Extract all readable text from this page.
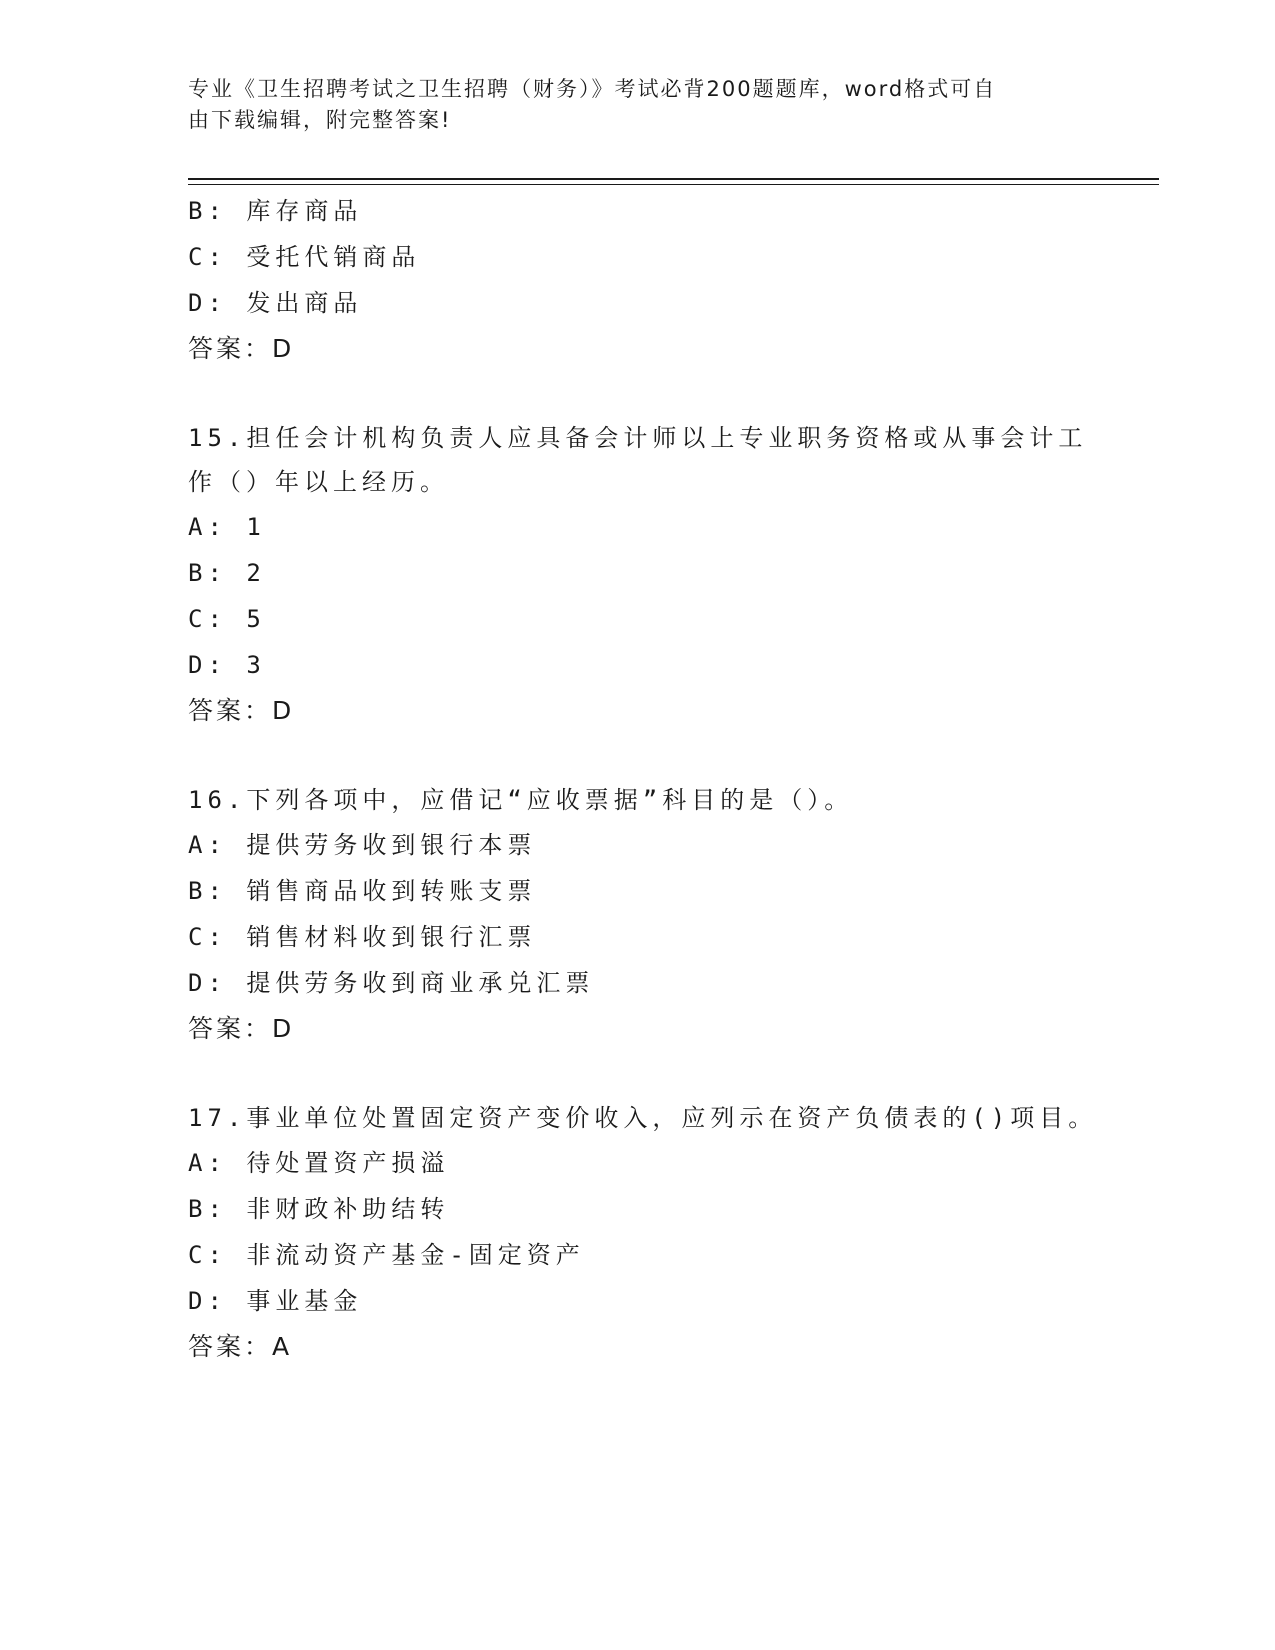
专业《卫生招聘考试之卫生招聘（财务）》考试必背200题题库，word格式可自
由下载编辑，附完整答案!
B: 库存商品
C: 受托代销商品
D: 发出商品
答案：D
15.担任会计机构负责人应具备会计师以上专业职务资格或从事会计工
作（）年以上经历。
A: 1
B: 2
C: 5
D: 3
答案：D
16.下列各项中，应借记“应收票据”科目的是（）。
A: 提供劳务收到银行本票
B: 销售商品收到转账支票
C: 销售材料收到银行汇票
D: 提供劳务收到商业承兑汇票
答案：D
17.事业单位处置固定资产变价收入，应列示在资产负债表的()项目。
A: 待处置资产损溢
B: 非财政补助结转
C: 非流动资产基金-固定资产
D: 事业基金
答案：A
